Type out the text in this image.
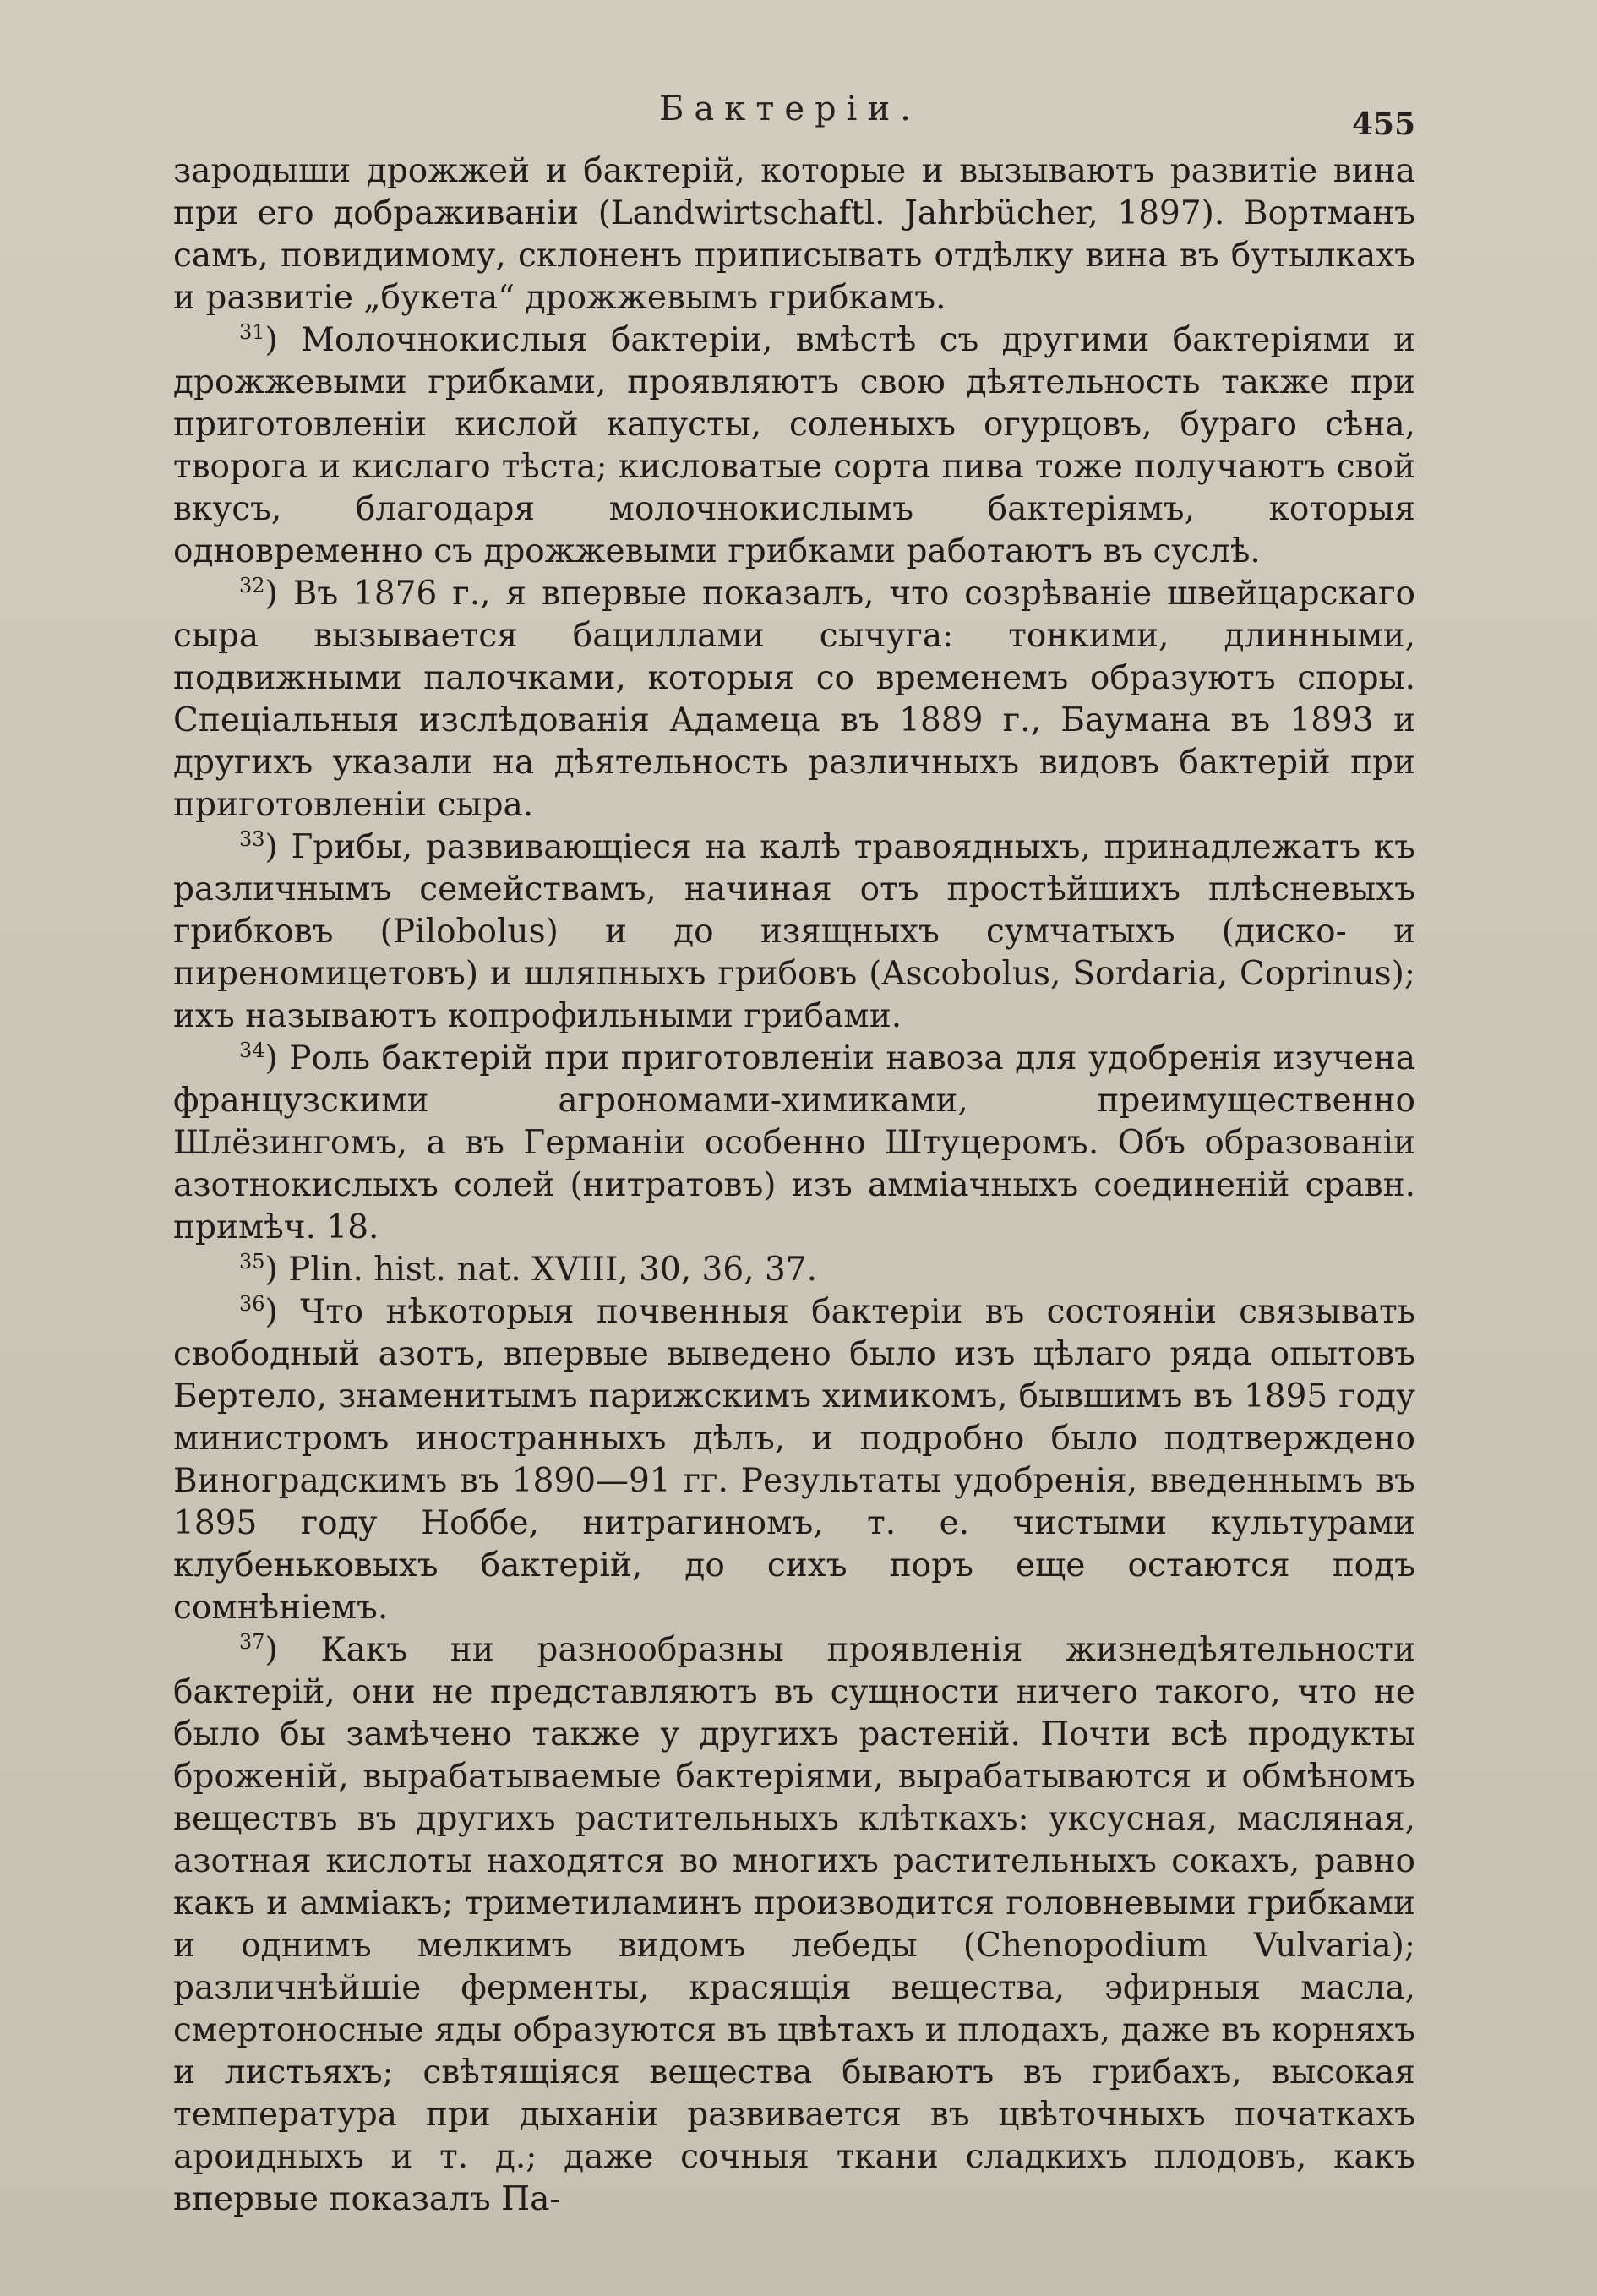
Бактеріи.	455

зародыши дрожжей и бактерій, которые и вызываютъ развитіе вина при его дображиваніи (Landwirtschaftl. Jahrbücher, 1897). Вортманъ самъ, повидимому, склоненъ приписывать отдѣлку вина въ бутылкахъ и развитіе „букета“ дрожжевымъ грибкамъ.

$^{31}$) Молочнокислыя бактеріи, вмѣстѣ съ другими бактеріями и дрожжевыми грибками, проявляютъ свою дѣятельность также при приготовленіи кислой капусты, соленыхъ огурцовъ, бураго сѣна, творога и кислаго тѣста; кисловатые сорта пива тоже получаютъ свой вкусъ, благодаря молочнокислымъ бактеріямъ, которыя одновременно съ дрожжевыми грибками работаютъ въ суслѣ.

$^{32}$) Въ 1876 г., я впервые показалъ, что созрѣваніе швейцарскаго сыра вызывается бациллами сычуга: тонкими, длинными, подвижными палочками, которыя со временемъ образуютъ споры. Спеціальныя изслѣдованія Адамеца въ 1889 г., Баумана въ 1893 и другихъ указали на дѣятельность различныхъ видовъ бактерій при приготовленіи сыра.

$^{33}$) Грибы, развивающіеся на калѣ травоядныхъ, принадлежатъ къ различнымъ семействамъ, начиная отъ простѣйшихъ плѣсневыхъ грибковъ (Pilobolus) и до изящныхъ сумчатыхъ (диско- и пиреномицетовъ) и шляпныхъ грибовъ (Ascobolus, Sordaria, Coprinus); ихъ называютъ копрофильными грибами.

$^{34}$) Роль бактерій при приготовленіи навоза для удобренія изучена французскими агрономами-химиками, преимущественно Шлёзингомъ, а въ Германіи особенно Штуцеромъ. Объ образованіи азотнокислыхъ солей (нитратовъ) изъ амміачныхъ соединеній сравн. примѣч. 18.

$^{35}$) Plin. hist. nat. XVIII, 30, 36, 37.

$^{36}$) Что нѣкоторыя почвенныя бактеріи въ состояніи связывать свободный азотъ, впервые выведено было изъ цѣлаго ряда опытовъ Бертело, знаменитымъ парижскимъ химикомъ, бывшимъ въ 1895 году министромъ иностранныхъ дѣлъ, и подробно было подтверждено Виноградскимъ въ 1890—91 гг. Результаты удобренія, введеннымъ въ 1895 году Ноббе, нитрагиномъ, т. е. чистыми культурами клубеньковыхъ бактерій, до сихъ поръ еще остаются подъ сомнѣніемъ.

$^{37}$) Какъ ни разнообразны проявленія жизнедѣятельности бактерій, они не представляютъ въ сущности ничего такого, что не было бы замѣчено также у другихъ растеній. Почти всѣ продукты броженій, вырабатываемые бактеріями, вырабатываются и обмѣномъ веществъ въ другихъ растительныхъ клѣткахъ: уксусная, масляная, азотная кислоты находятся во многихъ растительныхъ сокахъ, равно какъ и амміакъ; триметиламинъ производится головневыми грибками и однимъ мелкимъ видомъ лебеды (Chenopodium Vulvaria); различнѣйшіе ферменты, красящія вещества, эфирныя масла, смертоносные яды образуются въ цвѣтахъ и плодахъ, даже въ корняхъ и листьяхъ; свѣтящіяся вещества бываютъ въ грибахъ, высокая температура при дыханіи развивается въ цвѣточныхъ початкахъ ароидныхъ и т. д.; даже сочныя ткани сладкихъ плодовъ, какъ впервые показалъ Па-
